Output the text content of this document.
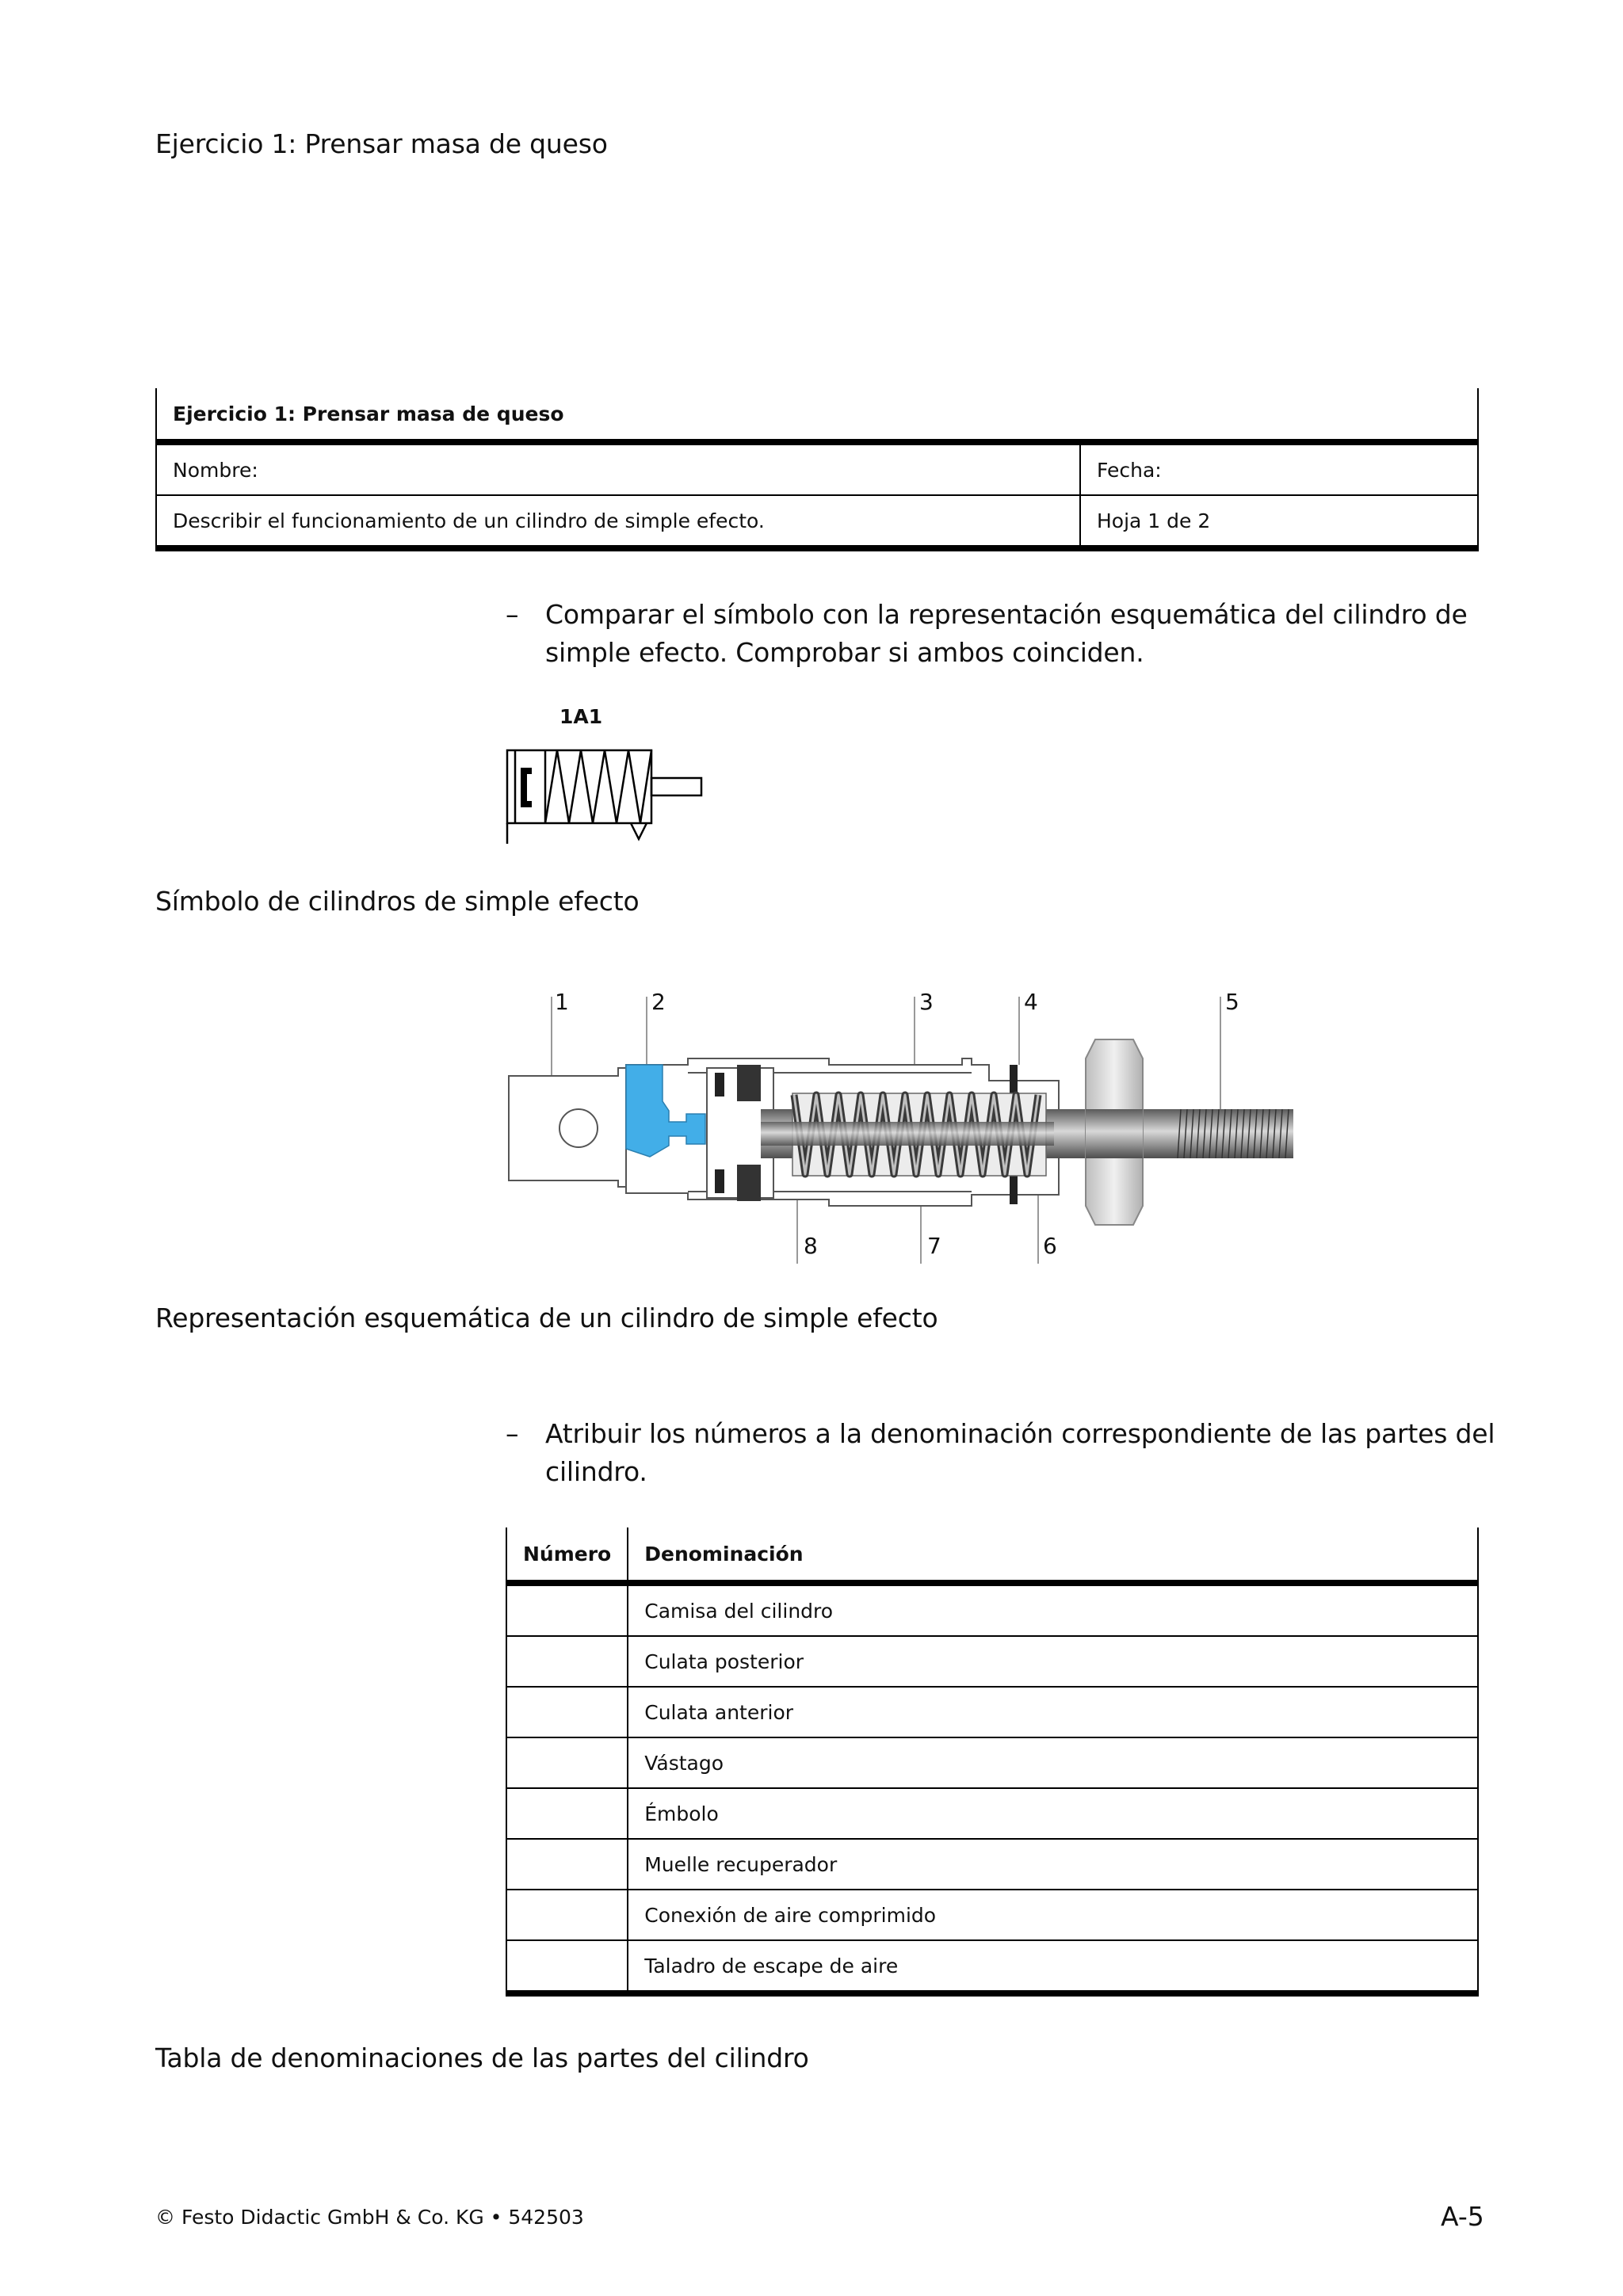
Ejercicio 1: Prensar masa de queso
Ejercicio 1: Prensar masa de queso	
Nombre:	Fecha:
Describir el funcionamiento de un cilindro de simple efecto.	Hoja 1 de 2
– Comparar el símbolo con la representación esquemática del cilindro de simple efecto. Comprobar si ambos coinciden.
1A1
Símbolo de cilindros de simple efecto
1	2	3	4	5
8	7	6
Representación esquemática de un cilindro de simple efecto
– Atribuir los números a la denominación correspondiente de las partes del cilindro.
Número	Denominación
	Camisa del cilindro
	Culata posterior
	Culata anterior
	Vástago
	Émbolo
	Muelle recuperador
	Conexión de aire comprimido
	Taladro de escape de aire
Tabla de denominaciones de las partes del cilindro
© Festo Didactic GmbH & Co. KG • 542503	A-5
